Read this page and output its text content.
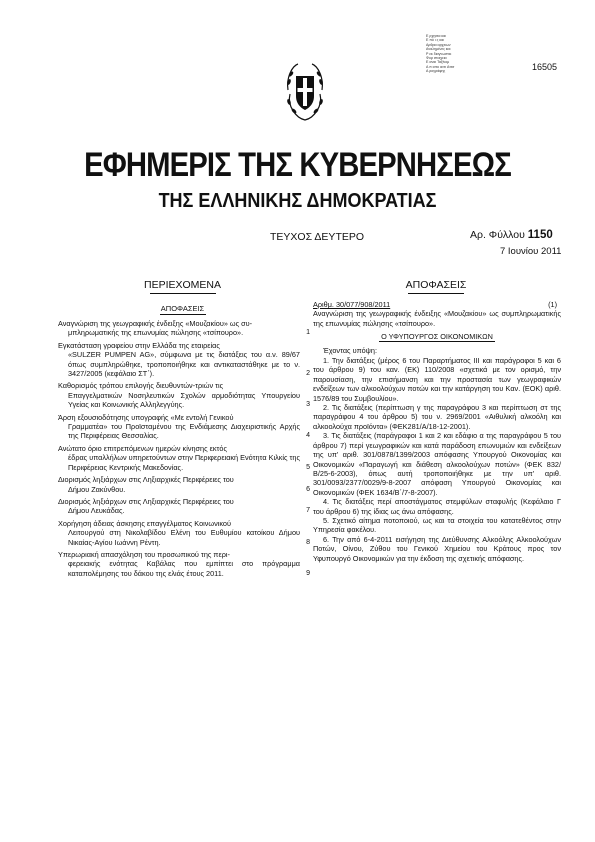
Ε ρχησια και
Ε πό ι ς και
Αρθρα αρχειων
Αναλημένες και
Ρ εκ διαγνωστικ
Φυρ στοιχεια
Ε αναι Ταξίνομ
Α π ιστο αντι Αττσ
Α ρογράφης	16505
ΕΦΗΜΕΡΙΣ ΤΗΣ ΚΥΒΕΡΝΗΣΕΩΣ
ΤΗΣ ΕΛΛΗΝΙΚΗΣ ΔΗΜΟΚΡΑΤΙΑΣ
ΤΕΥΧΟΣ ΔΕΥΤΕΡΟ	Αρ. Φύλλου 1150
7 Ιουνίου 2011
ΠΕΡΙΕΧΟΜΕΝΑ	ΑΠΟΦΑΣΕΙΣ
ΑΠΟΦΑΣΕΙΣ
Αναγνώριση της γεωγραφικής ένδειξης «Μουζακίου» ως συ-
μπληρωματικής της επωνυμίας πώλησης «τσίπουρο».	1
Εγκατάσταση γραφείου στην Ελλάδα της εταιρείας
«SULZER PUMPEN AG», σύμφωνα με τις διατάξεις του α.ν. 89/67 όπως συμπληρώθηκε, τροποποιήθηκε και αντικαταστάθηκε με το ν. 3427/2005 (κεφάλαιο ΣΤ΄).	2
Καθορισμός τρόπου επιλογής διευθυντών-τριών τις
Επαγγελματικών Νοσηλευτικών Σχολών αρμοδιότητας Υπουργείου Υγείας και Κοινωνικής Αλληλεγγύης.	3
Άρση εξουσιοδότησης υπογραφής «Με εντολή Γενικού
Γραμματέα» του Προϊσταμένου της Ενδιάμεσης Διαχειριστικής Αρχής της Περιφέρειας Θεσσαλίας.	4
Ανώτατο όριο επιτρεπόμενων ημερών κίνησης εκτός
έδρας υπαλλήλων υπηρετούντων στην Περιφερειακή Ενότητα Κιλκίς της Περιφέρειας Κεντρικής Μακεδονίας.	5
Διορισμός ληξιάρχων στις Ληξιαρχικές Περιφέρειες του
Δήμου Ζακύνθου.	6
Διορισμός ληξιάρχων στις Ληξιαρχικές Περιφέρειες του
Δήμου Λευκάδας.	7
Χορήγηση άδειας άσκησης επαγγέλματος Κοινωνικού
Λειτουργού στη Νικολαβίδου Ελένη του Ευθυμίου κατοίκου Δήμου Νικαίας-Αγίου Ιωάννη Ρέντη.	8
Υπερωριακή απασχόληση του προσωπικού της περι-
φερειακής ενότητας Καβάλας που εμπίπτει στο πρόγραμμα καταπολέμησης του δάκου της ελιάς έτους 2011.	9
Αριθμ. 30/077/908/2011	(1)

Αναγνώριση της γεωγραφικής ένδειξης «Μουζακίου» ως συμπληρωματικής της επωνυμίας πώλησης «τσίπουρο».

Ο ΥΦΥΠΟΥΡΓΟΣ ΟΙΚΟΝΟΜΙΚΩΝ
Έχοντας υπόψη:

1. Την διατάξεις (μέρος 6 του Παραρτήματος ΙΙΙ και παράγραφοι 5 και 6 του άρθρου 9) του καν. (ΕΚ) 110/2008 «σχετικά με τον ορισμό, την παρουσίαση, την επισήμανση και την προστασία των γεωγραφικών ενδείξεων των αλκοολούχων ποτών και την κατάργηση του Καν. (ΕΟΚ) αριθ. 1576/89 του Συμβουλίου».

2. Τις διατάξεις (περίπτωση γ της παραγράφου 3 και περίπτωση στ της παραγράφου 4 του άρθρου 5) του ν. 2969/2001 «Αιθυλική αλκοόλη και αλκοολούχα προϊόντα» (ΦΕΚ281/Α/18-12-2001).

3. Τις διατάξεις (παράγραφοι 1 και 2 και εδάφιο α της παραγράφου 5 του άρθρου 7) περί γεωγραφικών και κατά παράδοση επωνυμιών και ενδείξεων της υπ' αριθ. 301/0878/1399/2003 απόφασης Υπουργού Οικονομίας και Οικονομικών «Παραγωγή και διάθεση αλκοολούχων ποτών» (ΦΕΚ 832/Β/25-6-2003), όπως αυτή τροποποιήθηκε με την υπ' αριθ. 301/0093/2377/0029/9-8-2007 απόφαση Υπουργού Οικονομίας και Οικονομικών (ΦΕΚ 1634/Β΄/7-8-2007).

4. Τις διατάξεις περί αποστάγματος στεμφύλων σταφυλής (Κεφάλαιο Γ του άρθρου 6) της ίδιας ως άνω απόφασης.

5. Σχετικό αίτημα ποτοποιού, ως και τα στοιχεία του κατατεθέντος στην Υπηρεσία φακέλου.

6. Την από 6-4-2011 εισήγηση της Διεύθυνσης Αλκοόλης Αλκοολούχων Ποτών, Οίνου, Ζύθου του Γενικού Χημείου του Κράτους προς τον Υφυπουργό Οικονομικών για την έκδοση της σχετικής απόφασης.
